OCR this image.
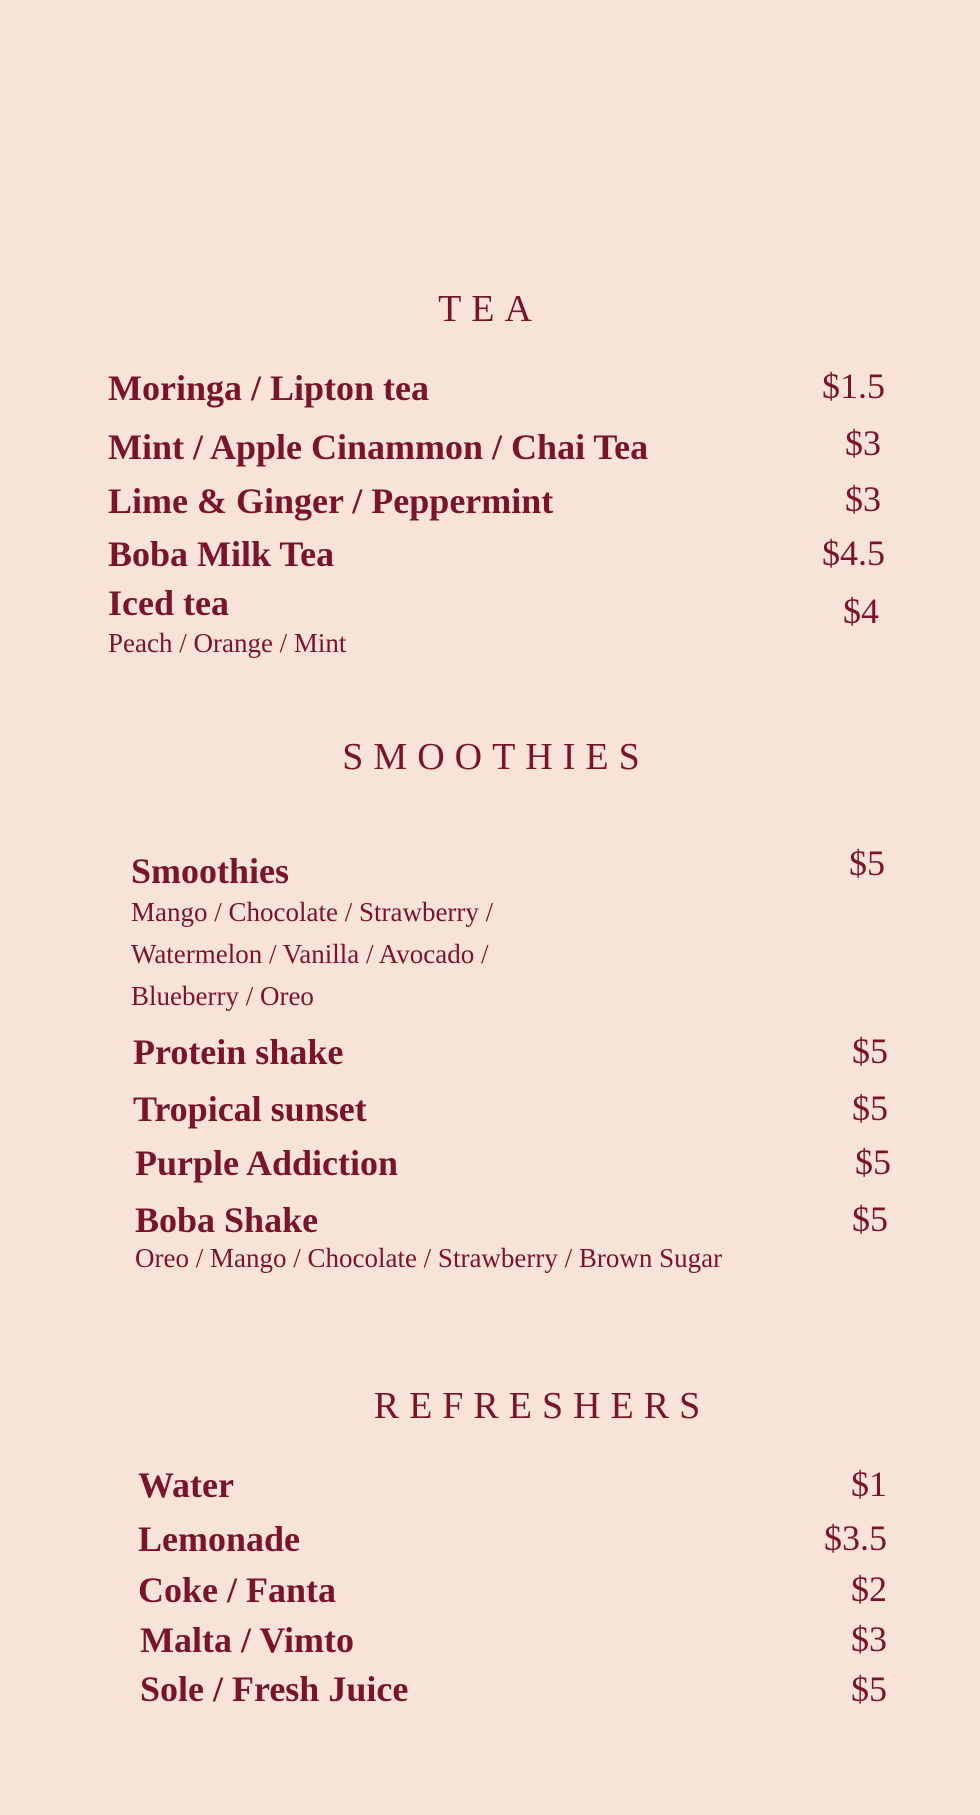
TEA
Moringa / Lipton tea	$1.5
Mint / Apple Cinammon / Chai Tea	$3
Lime & Ginger / Peppermint	$3
Boba Milk Tea	$4.5
Iced tea	$4
Peach / Orange / Mint
SMOOTHIES
Smoothies	$5
Mango / Chocolate / Strawberry /
Watermelon / Vanilla / Avocado /
Blueberry / Oreo
Protein shake	$5
Tropical sunset	$5
Purple Addiction	$5
Boba Shake	$5
Oreo / Mango / Chocolate / Strawberry / Brown Sugar
REFRESHERS
Water	$1
Lemonade	$3.5
Coke / Fanta	$2
Malta / Vimto	$3
Sole / Fresh Juice	$5
